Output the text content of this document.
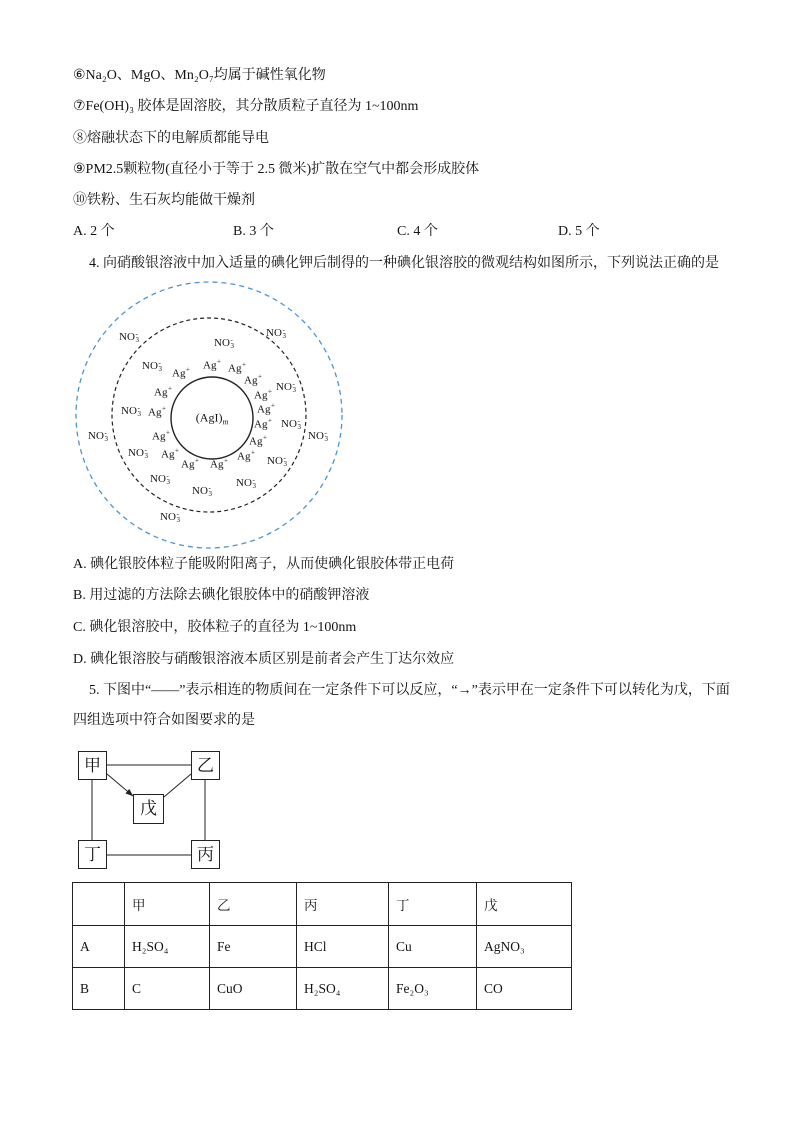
⑥Na₂O、MgO、Mn₂O₇均属于碱性氧化物
⑦Fe(OH)₃ 胶体是固溶胶，其分散质粒子直径为 1~100nm
⑧熔融状态下的电解质都能导电
⑨PM2.5颗粒物(直径小于等于 2.5 微米)扩散在空气中都会形成胶体
⑩铁粉、生石灰均能做干燥剂
A. 2 个	B. 3 个	C. 4 个	D. 5 个
4. 向硝酸银溶液中加入适量的碘化钾后制得的一种碘化银溶胶的微观结构如图所示，下列说法正确的是
NO -
3
NO -
3
NO -
3
NO -
3
NO -
3
NO -
3
NO -
3
NO -
3
NO -
3
NO -
3	NO -
3
NO -
3	NO -
3
NO -
3
NO -
3
Ag+
Ag+	Ag+
Ag+
Ag+
Ag+
Ag+	Ag+
Ag+
Ag+
Ag+
Ag+
Ag+ Ag+ Ag+
$(AgI)_m$
A. 碘化银胶体粒子能吸附阳离子，从而使碘化银胶体带正电荷
B. 用过滤的方法除去碘化银胶体中的硝酸钾溶液
C. 碘化银溶胶中，胶体粒子的直径为 1~100nm
D. 碘化银溶胶与硝酸银溶液本质区别是前者会产生丁达尔效应
5. 下图中“——”表示相连的物质间在一定条件下可以反应，“→”表示甲在一定条件下可以转化为戊，下面
四组选项中符合如图要求的是
甲	乙
戊
丁	丙
	甲	乙	丙	丁	戊
A	H₂SO₄	Fe	HCl	Cu	AgNO₃
B	C	CuO	H₂SO₄	Fe₂O₃	CO
